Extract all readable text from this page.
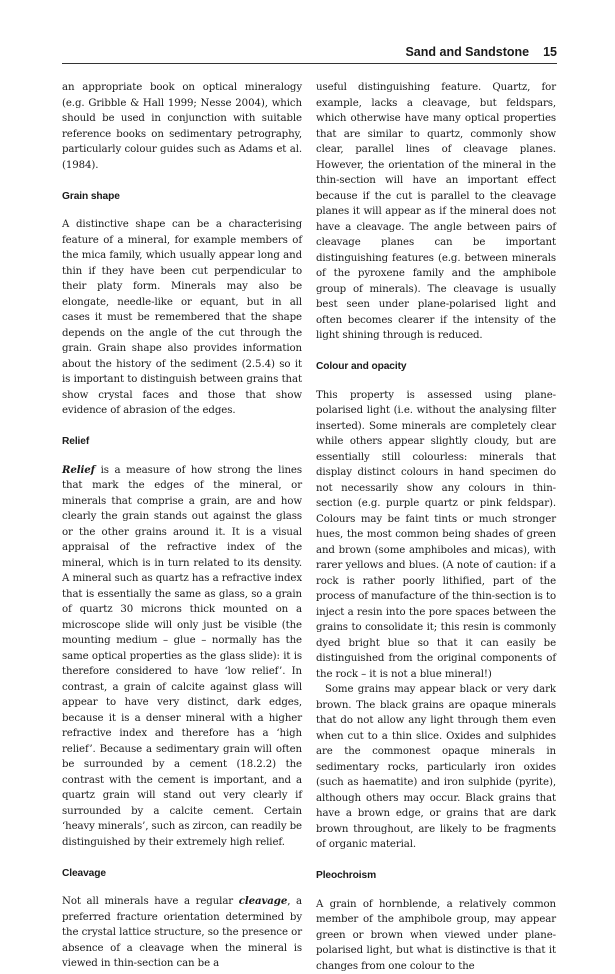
Sand and Sandstone 15

an appropriate book on optical mineralogy (e.g. Gribble & Hall 1999; Nesse 2004), which should be used in conjunction with suitable reference books on sedimentary petrography, particularly colour guides such as Adams et al. (1984).

Grain shape

A distinctive shape can be a characterising feature of a mineral, for example members of the mica family, which usually appear long and thin if they have been cut perpendicular to their platy form. Minerals may also be elongate, needle-like or equant, but in all cases it must be remembered that the shape depends on the angle of the cut through the grain. Grain shape also provides information about the history of the sediment (2.5.4) so it is important to distinguish between grains that show crystal faces and those that show evidence of abrasion of the edges.

Relief

Relief is a measure of how strong the lines that mark the edges of the mineral, or minerals that comprise a grain, are and how clearly the grain stands out against the glass or the other grains around it. It is a visual appraisal of the refractive index of the mineral, which is in turn related to its density. A mineral such as quartz has a refractive index that is essentially the same as glass, so a grain of quartz 30 microns thick mounted on a microscope slide will only just be visible (the mounting medium – glue – normally has the same optical properties as the glass slide): it is therefore considered to have ‘low relief’. In contrast, a grain of calcite against glass will appear to have very distinct, dark edges, because it is a denser mineral with a higher refractive index and therefore has a ‘high relief’. Because a sedimentary grain will often be surrounded by a cement (18.2.2) the contrast with the cement is important, and a quartz grain will stand out very clearly if surrounded by a calcite cement. Certain ‘heavy minerals’, such as zircon, can readily be distinguished by their extremely high relief.

Cleavage

Not all minerals have a regular cleavage, a preferred fracture orientation determined by the crystal lattice structure, so the presence or absence of a cleavage when the mineral is viewed in thin-section can be a

useful distinguishing feature. Quartz, for example, lacks a cleavage, but feldspars, which otherwise have many optical properties that are similar to quartz, commonly show clear, parallel lines of cleavage planes. However, the orientation of the mineral in the thin-section will have an important effect because if the cut is parallel to the cleavage planes it will appear as if the mineral does not have a cleavage. The angle between pairs of cleavage planes can be important distinguishing features (e.g. between minerals of the pyroxene family and the amphibole group of minerals). The cleavage is usually best seen under plane-polarised light and often becomes clearer if the intensity of the light shining through is reduced.

Colour and opacity

This property is assessed using plane-polarised light (i.e. without the analysing filter inserted). Some minerals are completely clear while others appear slightly cloudy, but are essentially still colourless: minerals that display distinct colours in hand specimen do not necessarily show any colours in thin-section (e.g. purple quartz or pink feldspar). Colours may be faint tints or much stronger hues, the most common being shades of green and brown (some amphiboles and micas), with rarer yellows and blues. (A note of caution: if a rock is rather poorly lithified, part of the process of manufacture of the thin-section is to inject a resin into the pore spaces between the grains to consolidate it; this resin is commonly dyed bright blue so that it can easily be distinguished from the original components of the rock – it is not a blue mineral!)

Some grains may appear black or very dark brown. The black grains are opaque minerals that do not allow any light through them even when cut to a thin slice. Oxides and sulphides are the commonest opaque minerals in sedimentary rocks, particularly iron oxides (such as haematite) and iron sulphide (pyrite), although others may occur. Black grains that have a brown edge, or grains that are dark brown throughout, are likely to be fragments of organic material.

Pleochroism

A grain of hornblende, a relatively common member of the amphibole group, may appear green or brown when viewed under plane-polarised light, but what is distinctive is that it changes from one colour to the
